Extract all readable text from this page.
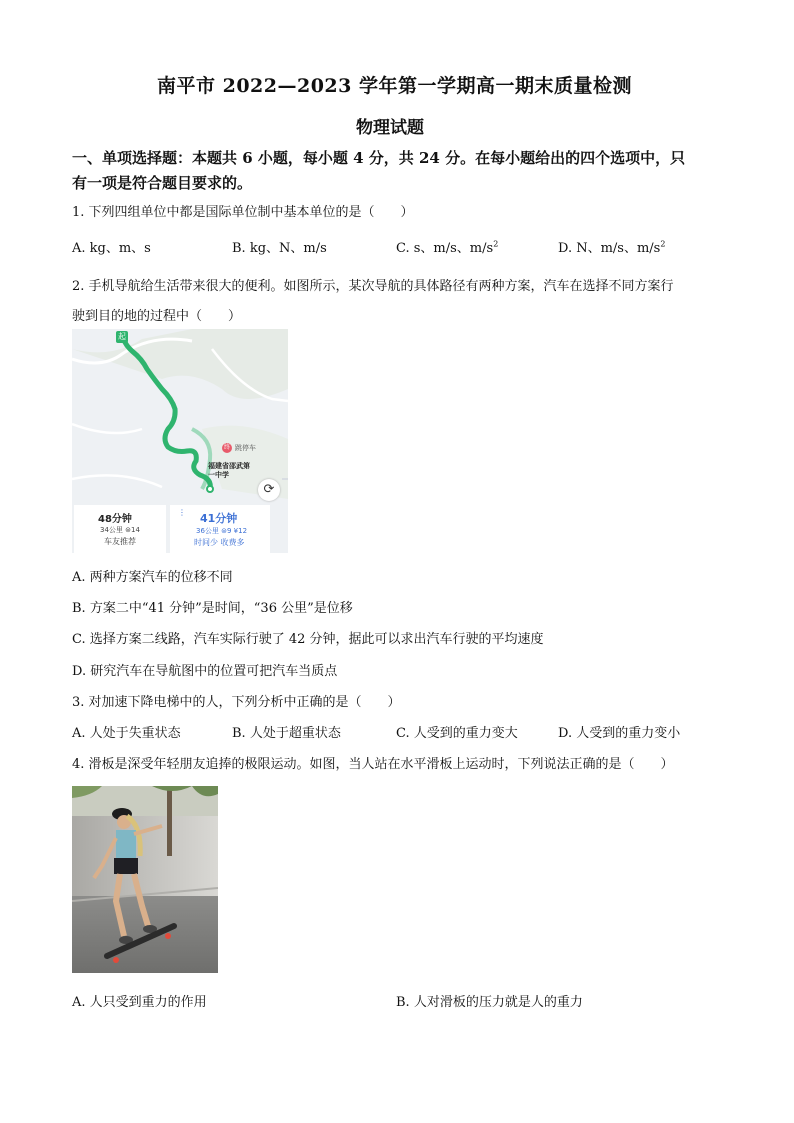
南平市 2022—2023 学年第一学期高一期末质量检测
物理试题
一、单项选择题：本题共 6 小题，每小题 4 分，共 24 分。在每小题给出的四个选项中，只
有一项是符合题目要求的。
1. 下列四组单位中都是国际单位制中基本单位的是（　　）
A. kg、m、s	B. kg、N、m/s	C. s、m/s、$m/s^2$	D. N、m/s、$m/s^2$
2. 手机导航给生活带来很大的便利。如图所示，某次导航的具体路径有两种方案，汽车在选择不同方案行
驶到目的地的过程中（　　）
起
终 跳停车
福建省邵武第
一中学
⟳
48分钟
34公里 ⊜14
车友推荐
⋮ 41分钟
36公里 ⊜9 ¥12
时间少 收费多
A. 两种方案汽车的位移不同
B. 方案二中“41 分钟”是时间，“36 公里”是位移
C. 选择方案二线路，汽车实际行驶了 42 分钟，据此可以求出汽车行驶的平均速度
D. 研究汽车在导航图中的位置可把汽车当质点
3. 对加速下降电梯中的人，下列分析中正确的是（　　）
A. 人处于失重状态	B. 人处于超重状态	C. 人受到的重力变大	D. 人受到的重力变小
4. 滑板是深受年轻朋友追捧的极限运动。如图，当人站在水平滑板上运动时，下列说法正确的是（　　）
A. 人只受到重力的作用	B. 人对滑板的压力就是人的重力
